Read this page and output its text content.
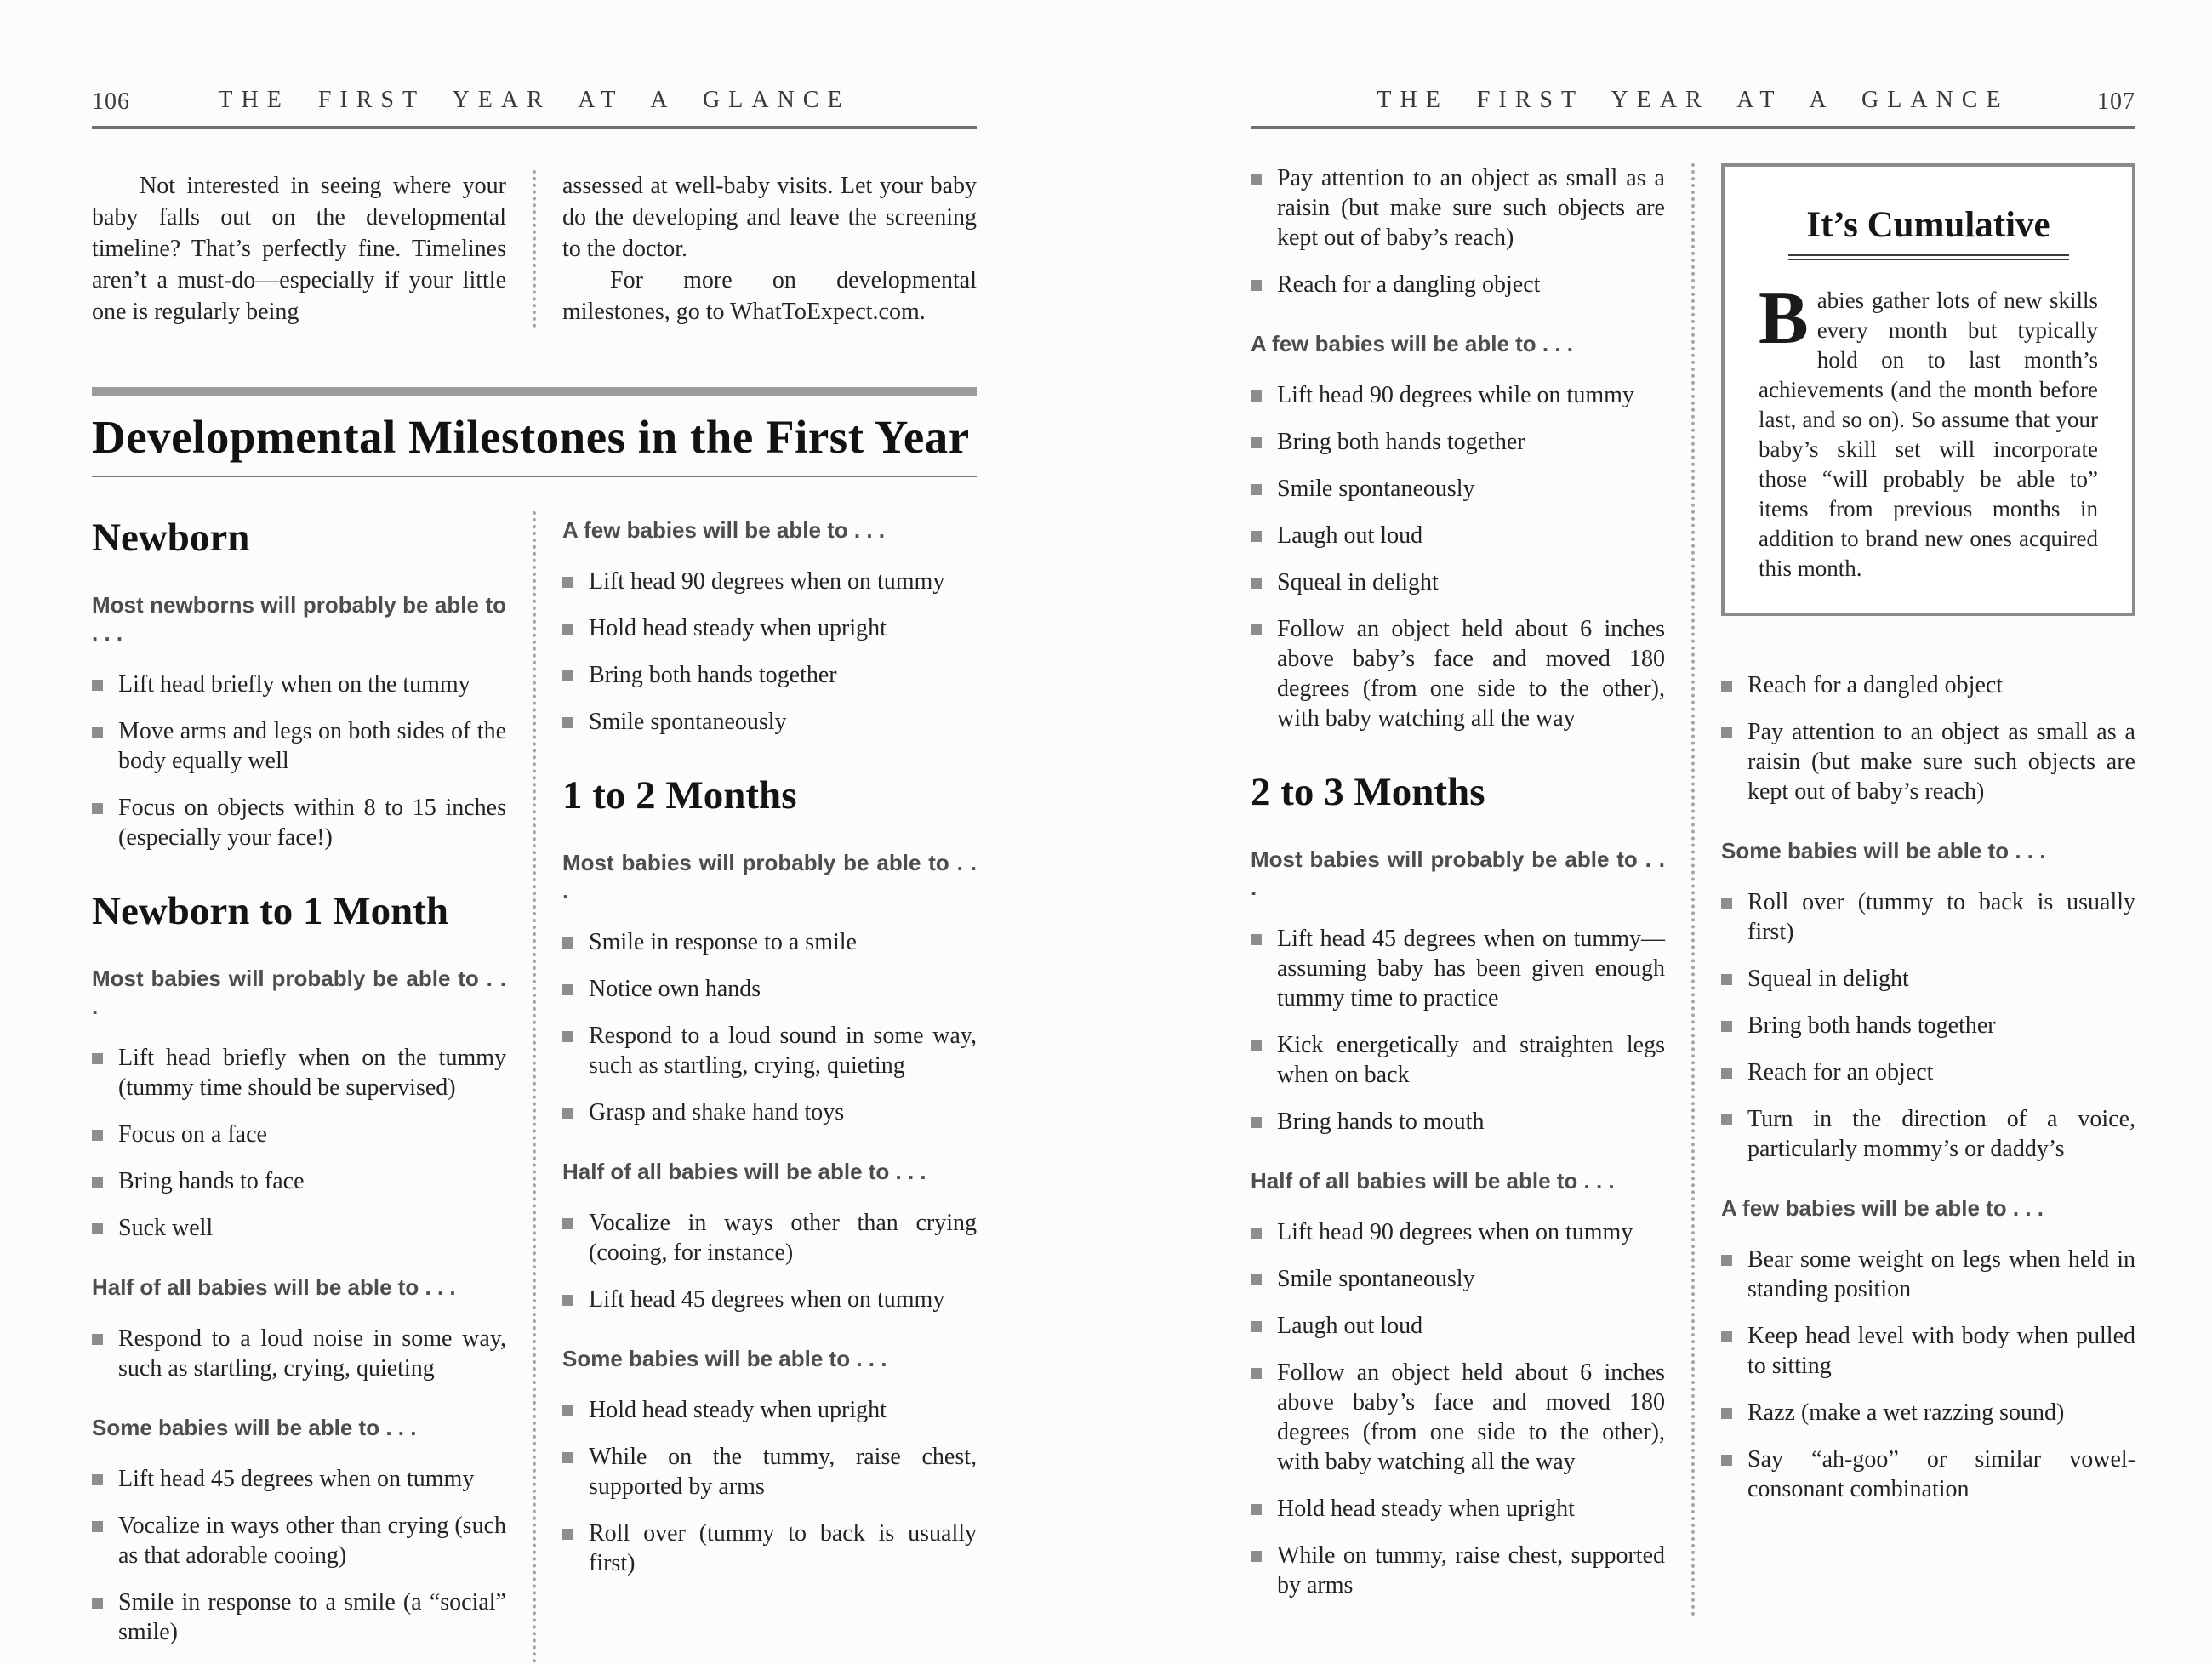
106	THE FIRST YEAR AT A GLANCE

Not interested in seeing where your baby falls out on the developmental timeline? That’s perfectly fine. Timelines aren’t a must-do—especially if your little one is regularly being

assessed at well-baby visits. Let your baby do the developing and leave the screening to the doctor.

For more on developmental milestones, go to WhatToExpect.com.

Developmental Milestones in the First Year
Newborn
Most newborns will probably be able to . . .
Lift head briefly when on the tummy
Move arms and legs on both sides of the body equally well
Focus on objects within 8 to 15 inches (especially your face!)
Newborn to 1 Month
Most babies will probably be able to . . .
Lift head briefly when on the tummy (tummy time should be supervised)
Focus on a face
Bring hands to face
Suck well
Half of all babies will be able to . . .
Respond to a loud noise in some way, such as startling, crying, quieting
Some babies will be able to . . .
Lift head 45 degrees when on tummy
Vocalize in ways other than crying (such as that adorable cooing)
Smile in response to a smile (a “social” smile)
A few babies will be able to . . .
Lift head 90 degrees when on tummy
Hold head steady when upright
Bring both hands together
Smile spontaneously
1 to 2 Months
Most babies will probably be able to . . .
Smile in response to a smile
Notice own hands
Respond to a loud sound in some way, such as startling, crying, quieting
Grasp and shake hand toys
Half of all babies will be able to . . .
Vocalize in ways other than crying (cooing, for instance)
Lift head 45 degrees when on tummy
Some babies will be able to . . .
Hold head steady when upright
While on the tummy, raise chest, supported by arms
Roll over (tummy to back is usually first)
107
THE FIRST YEAR AT A GLANCE
Pay attention to an object as small as a raisin (but make sure such objects are kept out of baby’s reach)
Reach for a dangling object
A few babies will be able to . . .
Lift head 90 degrees while on tummy
Bring both hands together
Smile spontaneously
Laugh out loud
Squeal in delight
Follow an object held about 6 inches above baby’s face and moved 180 degrees (from one side to the other), with baby watching all the way
2 to 3 Months
Most babies will probably be able to . . .
Lift head 45 degrees when on tummy—assuming baby has been given enough tummy time to practice
Kick energetically and straighten legs when on back
Bring hands to mouth
Half of all babies will be able to . . .
Lift head 90 degrees when on tummy
Smile spontaneously
Laugh out loud
Follow an object held about 6 inches above baby’s face and moved 180 degrees (from one side to the other), with baby watching all the way
Hold head steady when upright
While on tummy, raise chest, supported by arms
It’s Cumulative

Babies gather lots of new skills every month but typically hold on to last month’s achievements (and the month before last, and so on). So assume that your baby’s skill set will incorporate those “will probably be able to” items from previous months in addition to brand new ones acquired this month.

Reach for a dangled object
Pay attention to an object as small as a raisin (but make sure such objects are kept out of baby’s reach)
Some babies will be able to . . .
Roll over (tummy to back is usually first)
Squeal in delight
Bring both hands together
Reach for an object
Turn in the direction of a voice, particularly mommy’s or daddy’s
A few babies will be able to . . .
Bear some weight on legs when held in standing position
Keep head level with body when pulled to sitting
Razz (make a wet razzing sound)
Say “ah-goo” or similar vowel-consonant combination
